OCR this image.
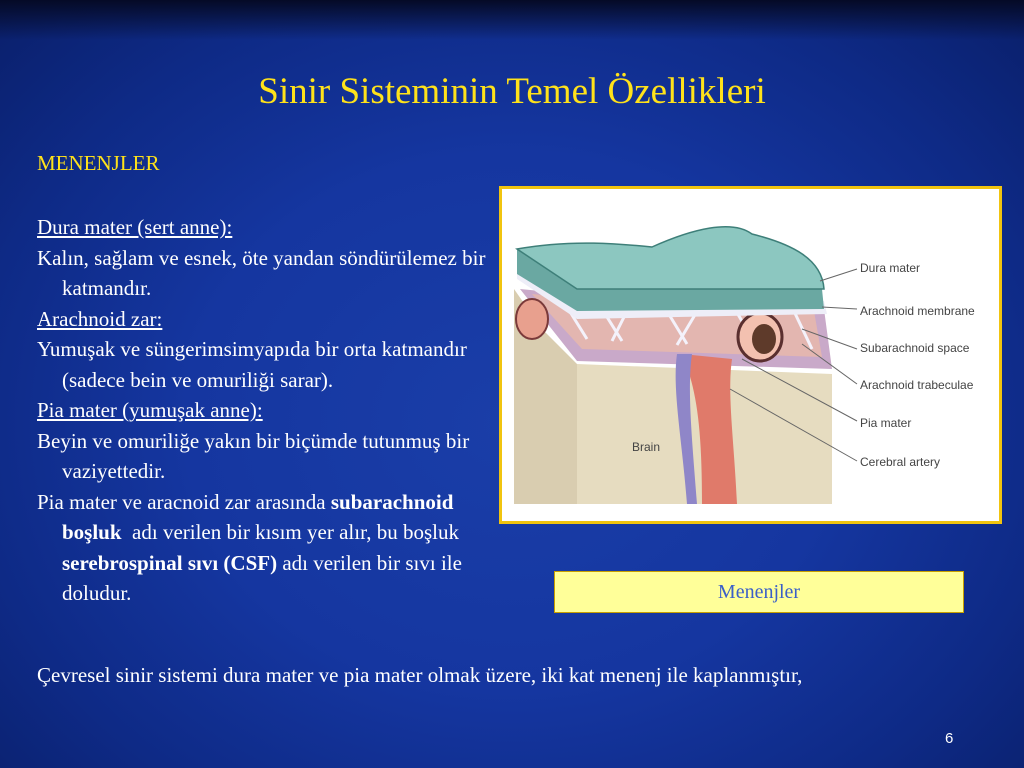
Sinir Sisteminin Temel Özellikleri
MENENJLER

Dura mater (sert anne):

Kalın, sağlam ve esnek, öte yandan söndürülemez bir katmandır.

Arachnoid zar:

Yumuşak ve süngerimsimyapıda bir orta katmandır (sadece bein ve omuriliği sarar).

Pia mater (yumuşak anne):

Beyin ve omuriliğe yakın bir biçümde tutunmuş bir vaziyettedir.

Pia mater ve aracnoid zar arasında subarachnoid boşluk adı verilen bir kısım yer alır, bu boşluk  serebrospinal sıvı (CSF) adı verilen bir sıvı ile doludur.

Dura mater
Arachnoid membrane
Subarachnoid space
Arachnoid trabeculae
Pia mater
Cerebral artery
Brain
Menenjler
Çevresel sinir sistemi dura mater ve pia mater olmak üzere, iki kat menenj ile kaplanmıştır,
6
